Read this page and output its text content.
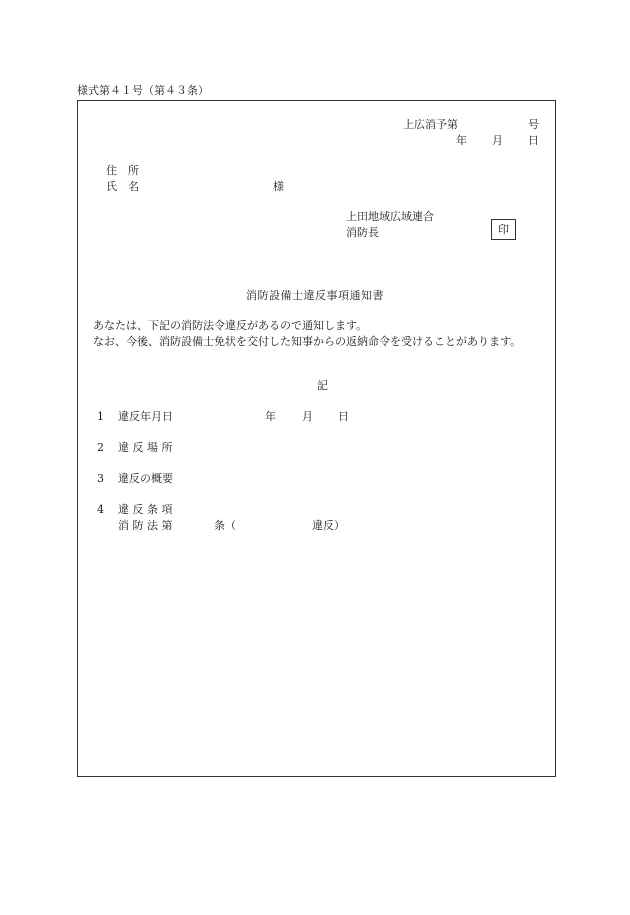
様式第４１号（第４３条）
上広消予第	号
年 月 日
住　所
氏　名	様
上田地域広域連合
消防長	印
消防設備士違反事項通知書

あなたは、下記の消防法令違反があるので通知します。

なお、今後、消防設備士免状を交付した知事からの返納命令を受けることがあります。

記
1 違反年月日	年 月 日
2 違 反 場 所
3 違反の概要
4 違 反 条 項
消 防 法 第	条（	違反）
